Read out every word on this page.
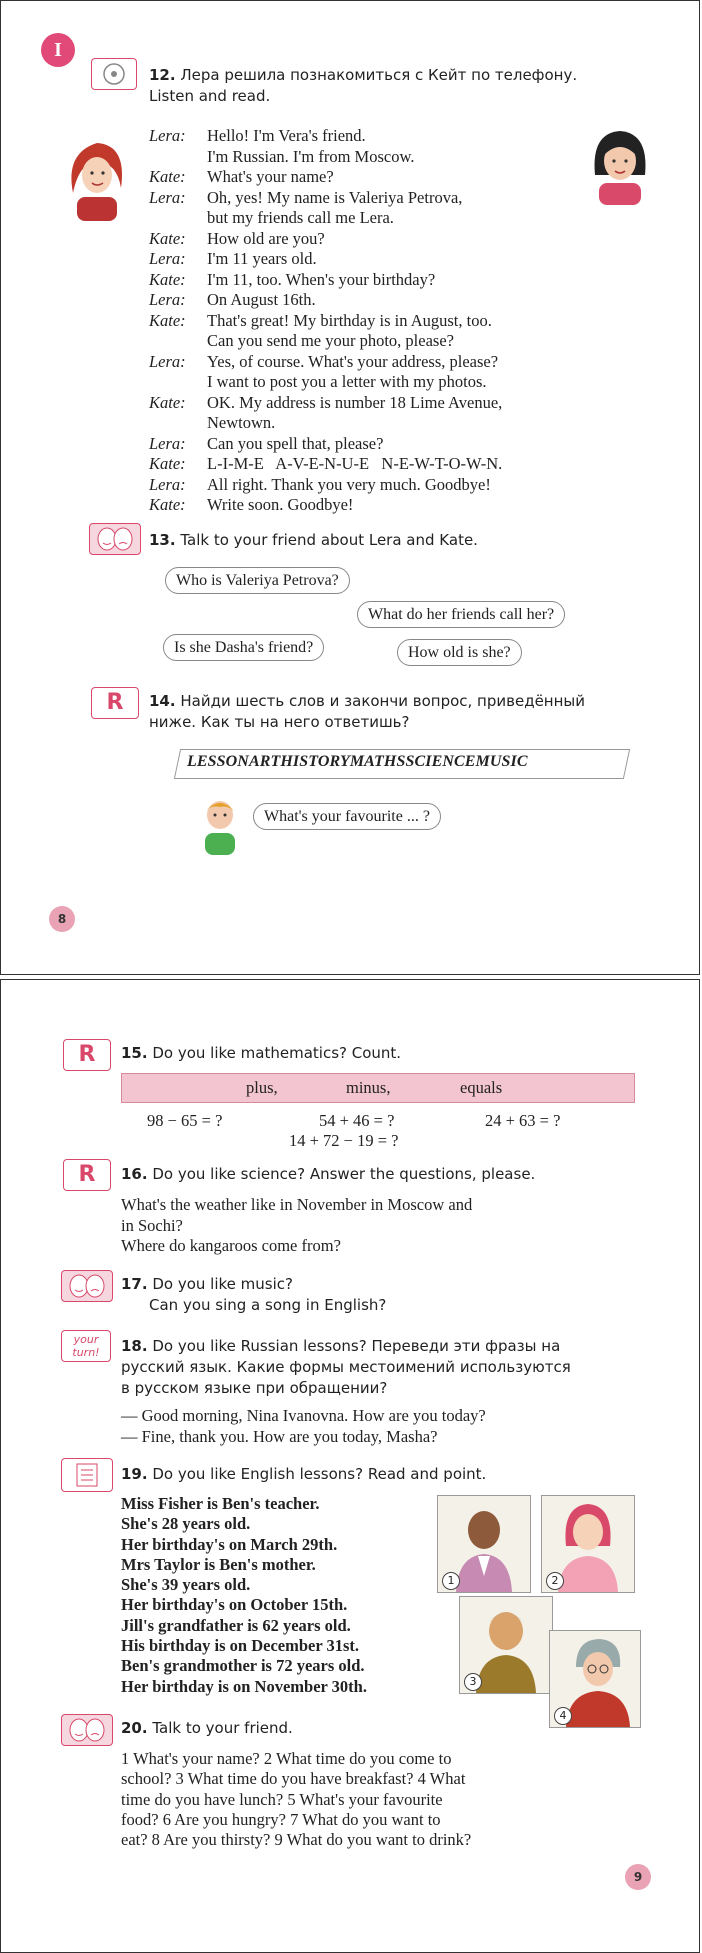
I
12. Лера решила познакомиться с Кейт по телефону.
Listen and read.
Lera:	Hello! I'm Vera's friend.
I'm Russian. I'm from Moscow.
Kate:	What's your name?
Lera:	Oh, yes! My name is Valeriya Petrova,
but my friends call me Lera.
Kate:	How old are you?
Lera:	I'm 11 years old.
Kate:	I'm 11, too. When's your birthday?
Lera:	On August 16th.
Kate:	That's great! My birthday is in August, too.
Can you send me your photo, please?
Lera:	Yes, of course. What's your address, please?
I want to post you a letter with my photos.
Kate:	OK. My address is number 18 Lime Avenue,
Newtown.
Lera:	Can you spell that, please?
Kate:	L-I-M-E   A-V-E-N-U-E   N-E-W-T-O-W-N.
Lera:	All right. Thank you very much. Goodbye!
Kate:	Write soon. Goodbye!
13. Talk to your friend about Lera and Kate.
Who is Valeriya Petrova?
What do her friends call her?
Is she Dasha's friend?	How old is she?
R	14. Найди шесть слов и закончи вопрос, приведённый
ниже. Как ты на него ответишь?
LESSONARTHISTORYMATHSSCIENCEMUSIC
What's your favourite ... ?
8
R	15. Do you like mathematics? Count.
plus,	minus,	equals
98 − 65 = ?	54 + 46 = ?	24 + 63 = ?
14 + 72 − 19 = ?
R	16. Do you like science? Answer the questions, please.
What's the weather like in November in Moscow and
in Sochi?
Where do kangaroos come from?
17. Do you like music?
Can you sing a song in English?
your
turn!	18. Do you like Russian lessons? Переведи эти фразы на
русский язык. Какие формы местоимений используются
в русском языке при обращении?
— Good morning, Nina Ivanovna. How are you today?
— Fine, thank you. How are you today, Masha?
19. Do you like English lessons? Read and point.
Miss Fisher is Ben's teacher.
She's 28 years old.
Her birthday's on March 29th.
Mrs Taylor is Ben's mother.
She's 39 years old.
Her birthday's on October 15th.
Jill's grandfather is 62 years old.
His birthday is on December 31st.
Ben's grandmother is 72 years old.
Her birthday is on November 30th.
1	2
3
4
20. Talk to your friend.
1 What's your name? 2 What time do you come to
school? 3 What time do you have breakfast? 4 What
time do you have lunch? 5 What's your favourite
food? 6 Are you hungry? 7 What do you want to
eat? 8 Are you thirsty? 9 What do you want to drink?
9
